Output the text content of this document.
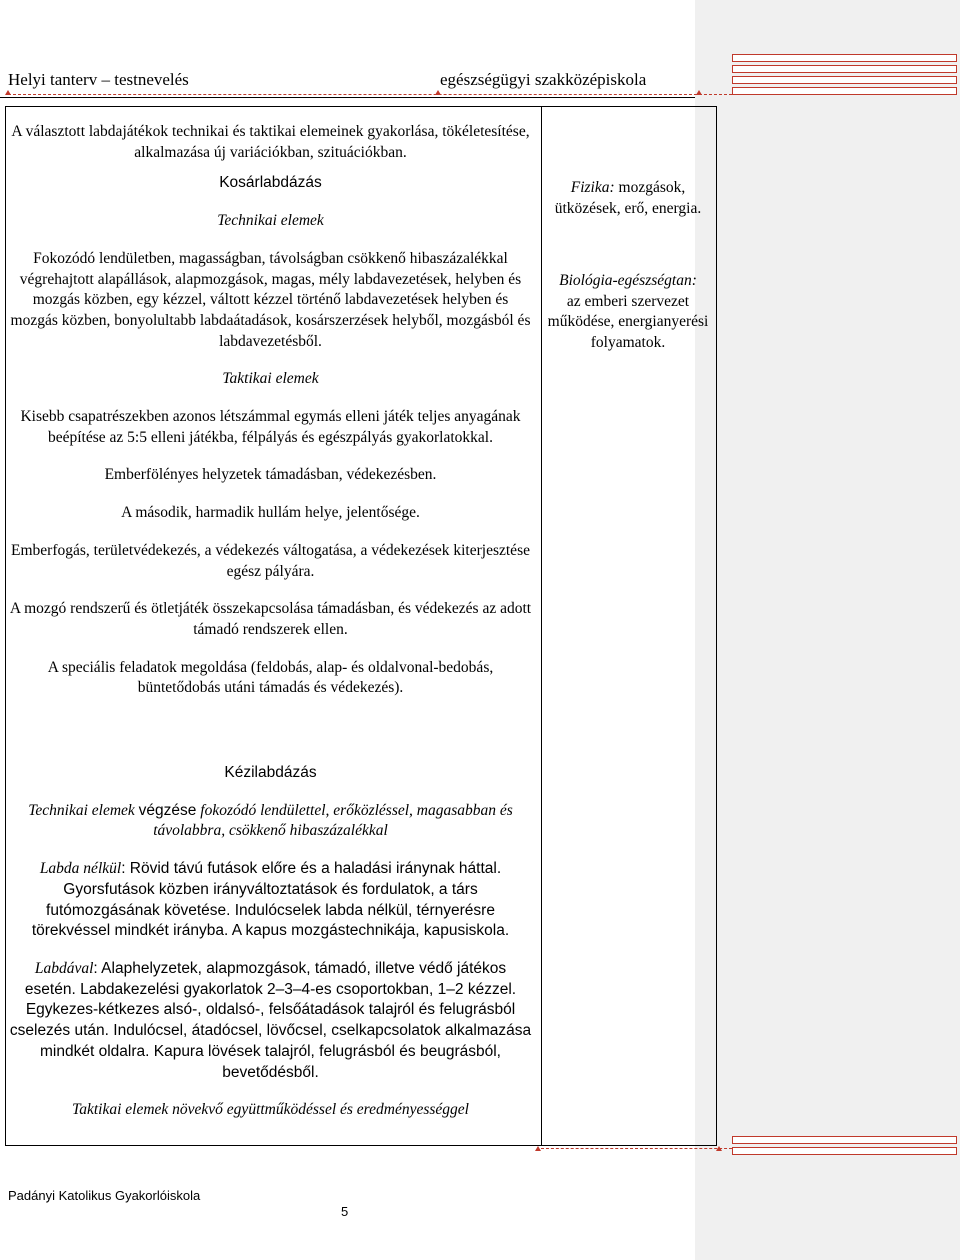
Helyi tanterv – testnevelés	egészségügyi szakközépiskola

A választott labdajátékok technikai és taktikai elemeinek gyakorlása, tökéletesítése, alkalmazása új variációkban, szituációkban.

Kosárlabdázás

Technikai elemek

Fokozódó lendületben, magasságban, távolságban csökkenő hibaszázalékkal végrehajtott alapállások, alapmozgások, magas, mély labdavezetések, helyben és mozgás közben, egy kézzel, váltott kézzel történő labdavezetések helyben és mozgás közben, bonyolultabb labdaátadások, kosárszerzések helyből, mozgásból és labdavezetésből.

Taktikai elemek

Kisebb csapatrészekben azonos létszámmal egymás elleni játék teljes anyagának beépítése az 5:5 elleni játékba, félpályás és egészpályás gyakorlatokkal.

Emberfölényes helyzetek támadásban, védekezésben.

A második, harmadik hullám helye, jelentősége.

Emberfogás, területvédekezés, a védekezés váltogatása, a védekezések kiterjesztése egész pályára.

A mozgó rendszerű és ötletjáték összekapcsolása támadásban, és védekezés az adott támadó rendszerek ellen.

A speciális feladatok megoldása (feldobás, alap- és oldalvonal-bedobás, büntetődobás utáni támadás és védekezés).

Kézilabdázás

Technikai elemek végzése fokozódó lendülettel, erőközléssel, magasabban és távolabbra, csökkenő hibaszázalékkal

Labda nélkül: Rövid távú futások előre és a haladási iránynak háttal. Gyorsfutások közben irányváltoztatások és fordulatok, a társ futómozgásának követése. Indulócselek labda nélkül, térnyerésre törekvéssel mindkét irányba. A kapus mozgástechnikája, kapusiskola.

Labdával: Alaphelyzetek, alapmozgások, támadó, illetve védő játékos esetén. Labdakezelési gyakorlatok 2–3–4-es csoportokban, 1–2 kézzel. Egykezes-kétkezes alsó-, oldalsó-, felsőátadások talajról és felugrásból cselezés után. Indulócsel, átadócsel, lövőcsel, cselkapcsolatok alkalmazása mindkét oldalra. Kapura lövések talajról, felugrásból és beugrásból, bevetődésből.

Taktikai elemek növekvő együttműködéssel és eredményességgel

Fizika: mozgások, ütközések, erő, energia.

Biológia-egészségtan:
az emberi szervezet működése, energianyerési folyamatok.

Padányi Katolikus Gyakorlóiskola
5
